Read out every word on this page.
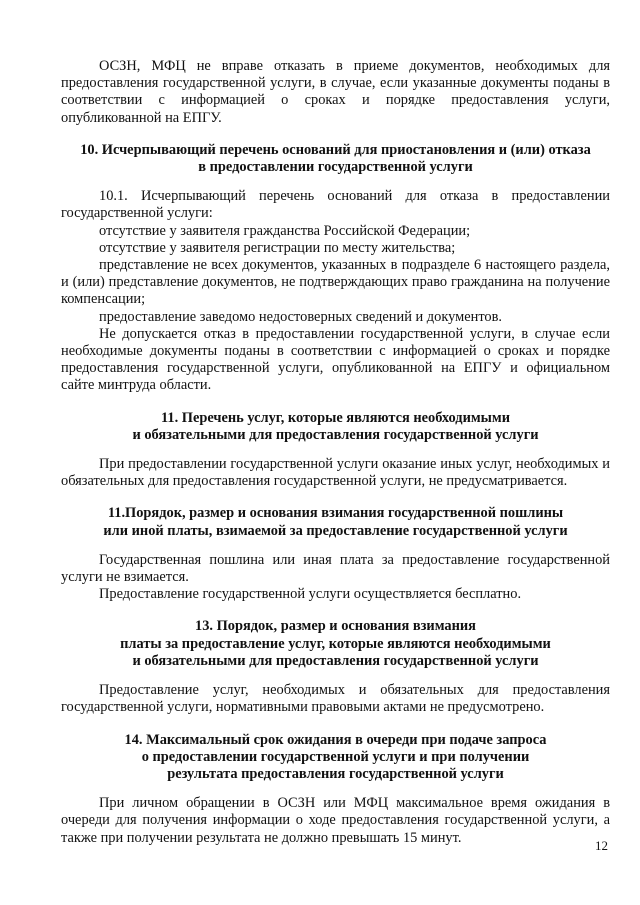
ОСЗН, МФЦ не вправе отказать в приеме документов, необходимых для предоставления государственной услуги, в случае, если указанные документы поданы в соответствии с информацией о сроках и порядке предоставления услуги, опубликованной на ЕПГУ.

10. Исчерпывающий перечень оснований для приостановления и (или) отказа
в предоставлении государственной услуги

10.1. Исчерпывающий перечень оснований для отказа в предоставлении государственной услуги:

отсутствие у заявителя гражданства Российской Федерации;

отсутствие у заявителя регистрации по месту жительства;

представление не всех документов, указанных в подразделе 6 настоящего раздела, и (или) представление документов, не подтверждающих право гражданина на получение компенсации;

предоставление заведомо недостоверных сведений и документов.

Не допускается отказ в предоставлении государственной услуги, в случае если необходимые документы поданы в соответствии с информацией о сроках и порядке предоставления государственной услуги, опубликованной на ЕПГУ и официальном сайте минтруда области.

11. Перечень услуг, которые являются необходимыми
и обязательными для предоставления государственной услуги

При предоставлении государственной услуги оказание иных услуг, необходимых и обязательных для предоставления государственной услуги, не предусматривается.

11.Порядок, размер и основания взимания государственной пошлины
или иной платы, взимаемой за предоставление государственной услуги

Государственная пошлина или иная плата за предоставление государственной услуги не взимается.

Предоставление государственной услуги осуществляется бесплатно.

13. Порядок, размер и основания взимания
платы за предоставление услуг, которые являются необходимыми
и обязательными для предоставления государственной услуги

Предоставление услуг, необходимых и обязательных для предоставления государственной услуги, нормативными правовыми актами не предусмотрено.

14. Максимальный срок ожидания в очереди при подаче запроса
о предоставлении государственной услуги и при получении
результата предоставления государственной услуги

При личном обращении в ОСЗН или МФЦ максимальное время ожидания в очереди для получения информации о ходе предоставления государственной услуги, а также при получении результата не должно превышать 15 минут.	12
